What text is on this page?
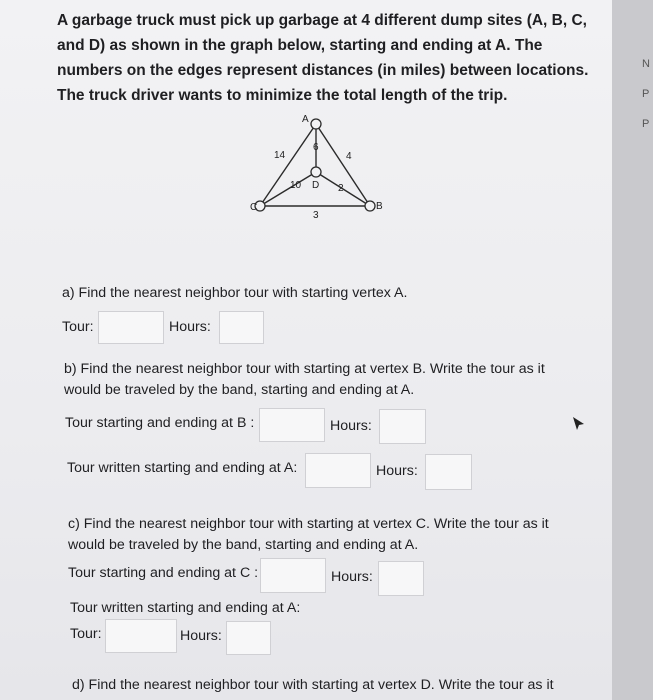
N
P
P

A garbage truck must pick up garbage at 4 different dump sites (A, B, C, and D) as shown in the graph below, starting and ending at A. The numbers on the edges represent distances (in miles) between locations. The truck driver wants to minimize the total length of the trip.

A
B
C
D
14	4
6
10	2
3
a) Find the nearest neighbor tour with starting vertex A.
Tour:	Hours:
b) Find the nearest neighbor tour with starting at vertex B. Write the tour as it would be traveled by the band, starting and ending at A.
Tour starting and ending at B :	Hours:
Tour written starting and ending at A:	Hours:
c) Find the nearest neighbor tour with starting at vertex C. Write the tour as it would be traveled by the band, starting and ending at A.
Tour starting and ending at C :	Hours:
Tour written starting and ending at A:
Tour:	Hours:
d) Find the nearest neighbor tour with starting at vertex D. Write the tour as it
